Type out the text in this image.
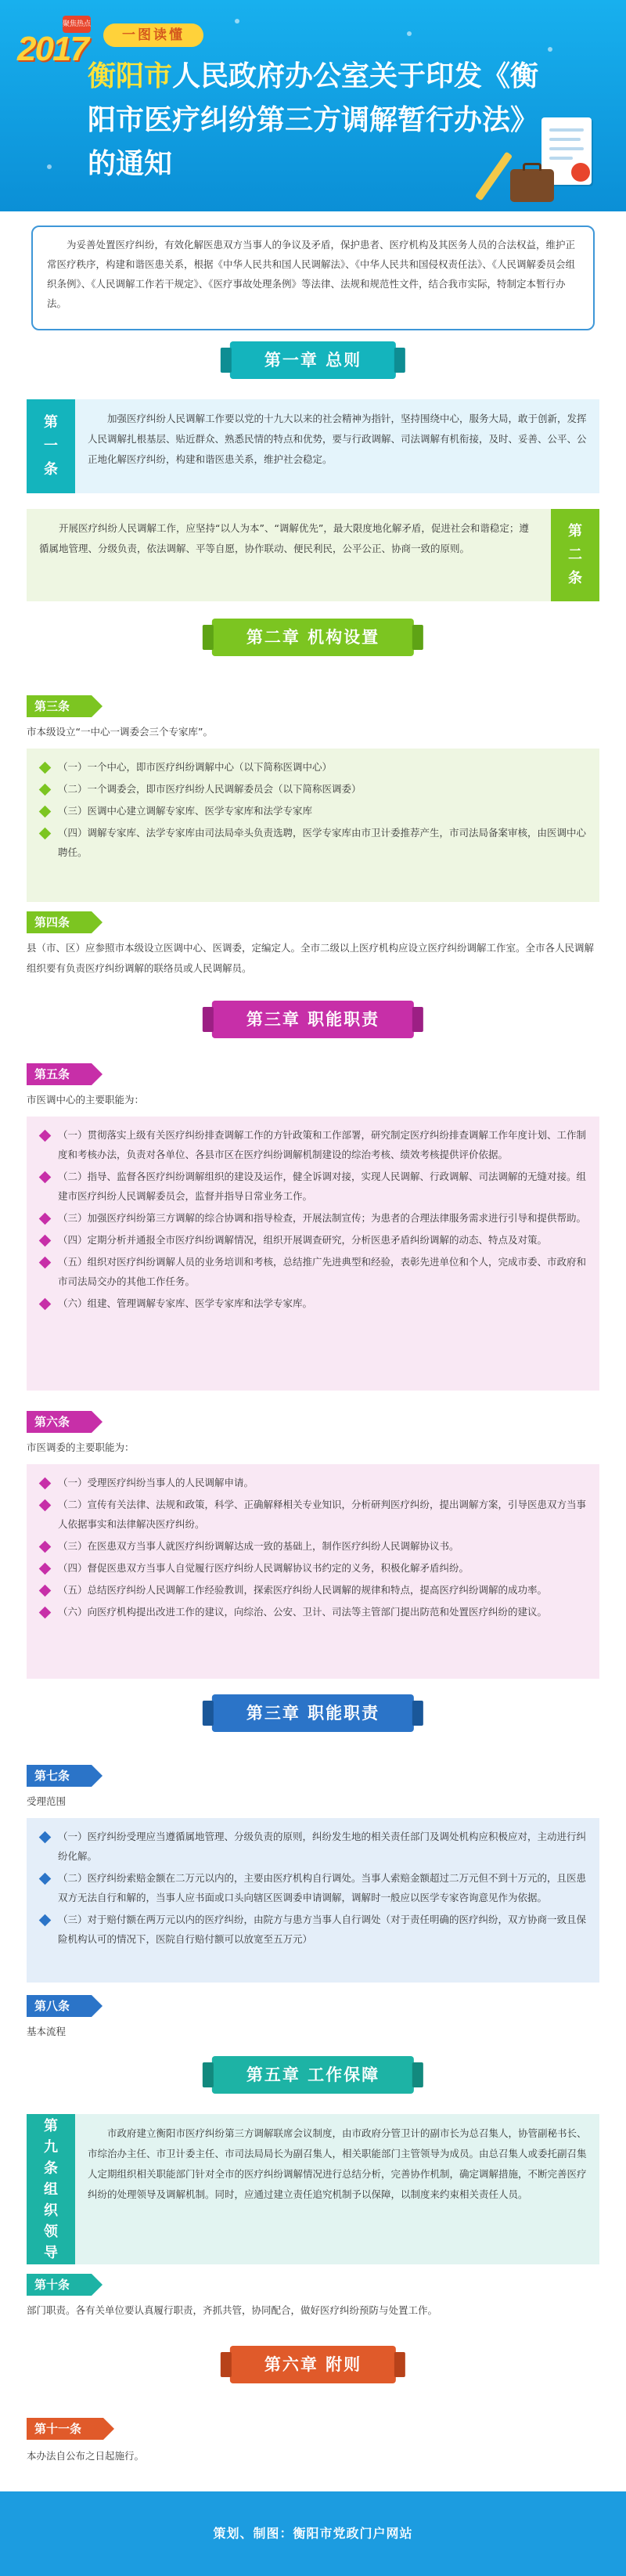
聚焦热点
2017	一图读懂
衡阳市人民政府办公室关于印发《衡阳市医疗纠纷第三方调解暂行办法》的通知
为妥善处置医疗纠纷，有效化解医患双方当事人的争议及矛盾，保护患者、医疗机构及其医务人员的合法权益，维护正常医疗秩序，构建和谐医患关系，根据《中华人民共和国人民调解法》、《中华人民共和国侵权责任法》、《人民调解委员会组织条例》、《人民调解工作若干规定》、《医疗事故处理条例》等法律、法规和规范性文件，结合我市实际，特制定本暂行办法。
第一章 总则
第一条
加强医疗纠纷人民调解工作要以党的十九大以来的社会精神为指针，坚持围绕中心，服务大局，敢于创新，发挥人民调解扎根基层、贴近群众、熟悉民情的特点和优势，要与行政调解、司法调解有机衔接，及时、妥善、公平、公正地化解医疗纠纷，构建和谐医患关系，维护社会稳定。
开展医疗纠纷人民调解工作，应坚持“以人为本”、“调解优先”，最大限度地化解矛盾，促进社会和谐稳定；遵循属地管理、分级负责，依法调解、平等自愿，协作联动、便民利民，公平公正、协商一致的原则。
第二条
第二章 机构设置
第三条
市本级设立“一中心一调委会三个专家库”。
（一）一个中心，即市医疗纠纷调解中心（以下简称医调中心）
（二）一个调委会，即市医疗纠纷人民调解委员会（以下简称医调委）
（三）医调中心建立调解专家库、医学专家库和法学专家库
（四）调解专家库、法学专家库由司法局牵头负责选聘，医学专家库由市卫计委推荐产生，市司法局备案审核，由医调中心聘任。
第四条
县（市、区）应参照市本级设立医调中心、医调委，定编定人。全市二级以上医疗机构应设立医疗纠纷调解工作室。全市各人民调解组织要有负责医疗纠纷调解的联络员或人民调解员。
第三章 职能职责
第五条
市医调中心的主要职能为：
（一）贯彻落实上级有关医疗纠纷排查调解工作的方针政策和工作部署，研究制定医疗纠纷排查调解工作年度计划、工作制度和考核办法，负责对各单位、各县市区在医疗纠纷调解机制建设的综治考核、绩效考核提供评价依据。
（二）指导、监督各医疗纠纷调解组织的建设及运作，健全诉调对接，实现人民调解、行政调解、司法调解的无缝对接。组建市医疗纠纷人民调解委员会，监督并指导日常业务工作。
（三）加强医疗纠纷第三方调解的综合协调和指导检查，开展法制宣传；为患者的合理法律服务需求进行引导和提供帮助。
（四）定期分析并通报全市医疗纠纷调解情况，组织开展调查研究，分析医患矛盾纠纷调解的动态、特点及对策。
（五）组织对医疗纠纷调解人员的业务培训和考核，总结推广先进典型和经验，表彰先进单位和个人，完成市委、市政府和市司法局交办的其他工作任务。
（六）组建、管理调解专家库、医学专家库和法学专家库。
第六条
市医调委的主要职能为：
（一）受理医疗纠纷当事人的人民调解申请。
（二）宣传有关法律、法规和政策，科学、正确解释相关专业知识，分析研判医疗纠纷，提出调解方案，引导医患双方当事人依据事实和法律解决医疗纠纷。
（三）在医患双方当事人就医疗纠纷调解达成一致的基础上，制作医疗纠纷人民调解协议书。
（四）督促医患双方当事人自觉履行医疗纠纷人民调解协议书约定的义务，积极化解矛盾纠纷。
（五）总结医疗纠纷人民调解工作经验教训，探索医疗纠纷人民调解的规律和特点，提高医疗纠纷调解的成功率。
（六）向医疗机构提出改进工作的建议，向综治、公安、卫计、司法等主管部门提出防范和处置医疗纠纷的建议。
第三章 职能职责
第七条
受理范围
（一）医疗纠纷受理应当遵循属地管理、分级负责的原则，纠纷发生地的相关责任部门及调处机构应积极应对，主动进行纠纷化解。
（二）医疗纠纷索赔金额在二万元以内的，主要由医疗机构自行调处。当事人索赔金额超过二万元但不到十万元的，且医患双方无法自行和解的，当事人应书面或口头向辖区医调委申请调解，调解时一般应以医学专家咨询意见作为依据。
（三）对于赔付额在两万元以内的医疗纠纷，由院方与患方当事人自行调处（对于责任明确的医疗纠纷，双方协商一致且保险机构认可的情况下，医院自行赔付额可以放宽至五万元）
第八条
基本流程
第五章 工作保障
第九条组织领导
市政府建立衡阳市医疗纠纷第三方调解联席会议制度，由市政府分管卫计的副市长为总召集人，协管副秘书长、市综治办主任、市卫计委主任、市司法局局长为副召集人，相关职能部门主管领导为成员。由总召集人或委托副召集人定期组织相关职能部门针对全市的医疗纠纷调解情况进行总结分析，完善协作机制，确定调解措施，不断完善医疗纠纷的处理领导及调解机制。同时，应通过建立责任追究机制予以保障，以制度来约束相关责任人员。
第十条
部门职责。各有关单位要认真履行职责，齐抓共管，协同配合，做好医疗纠纷预防与处置工作。
第六章 附则
第十一条
本办法自公布之日起施行。
策划、制图：衡阳市党政门户网站
